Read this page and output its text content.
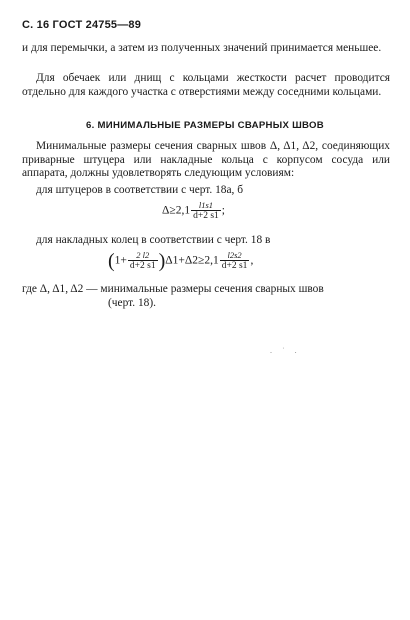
С. 16 ГОСТ 24755—89
и для перемычки, а затем из полученных значений принимается меньшее.
Для обечаек или днищ с кольцами жесткости расчет проводится отдельно для каждого участка с отверстиями между соседними кольцами.
6. МИНИМАЛЬНЫЕ РАЗМЕРЫ СВАРНЫХ ШВОВ
Минимальные размеры сечения сварных швов Δ, Δ1, Δ2, соединяющих приварные штуцера или накладные кольца с корпусом сосуда или аппарата, должны удовлетворять следующим условиям:
для штуцеров в соответствии с черт. 18а, б
$\Delta\ge 2,1 \frac{l1s1}{d+2 s1}$ ;
для накладных колец в соответствии с черт. 18 в
$(1+ \frac{2 l2}{d+2 s1} )\Delta 1+\Delta 2\ge 2,1 \frac{l2s2}{d+2 s1}$ ,
где Δ, Δ1, Δ2 — минимальные размеры сечения сварных швов
(черт. 18).
. ˙ .
